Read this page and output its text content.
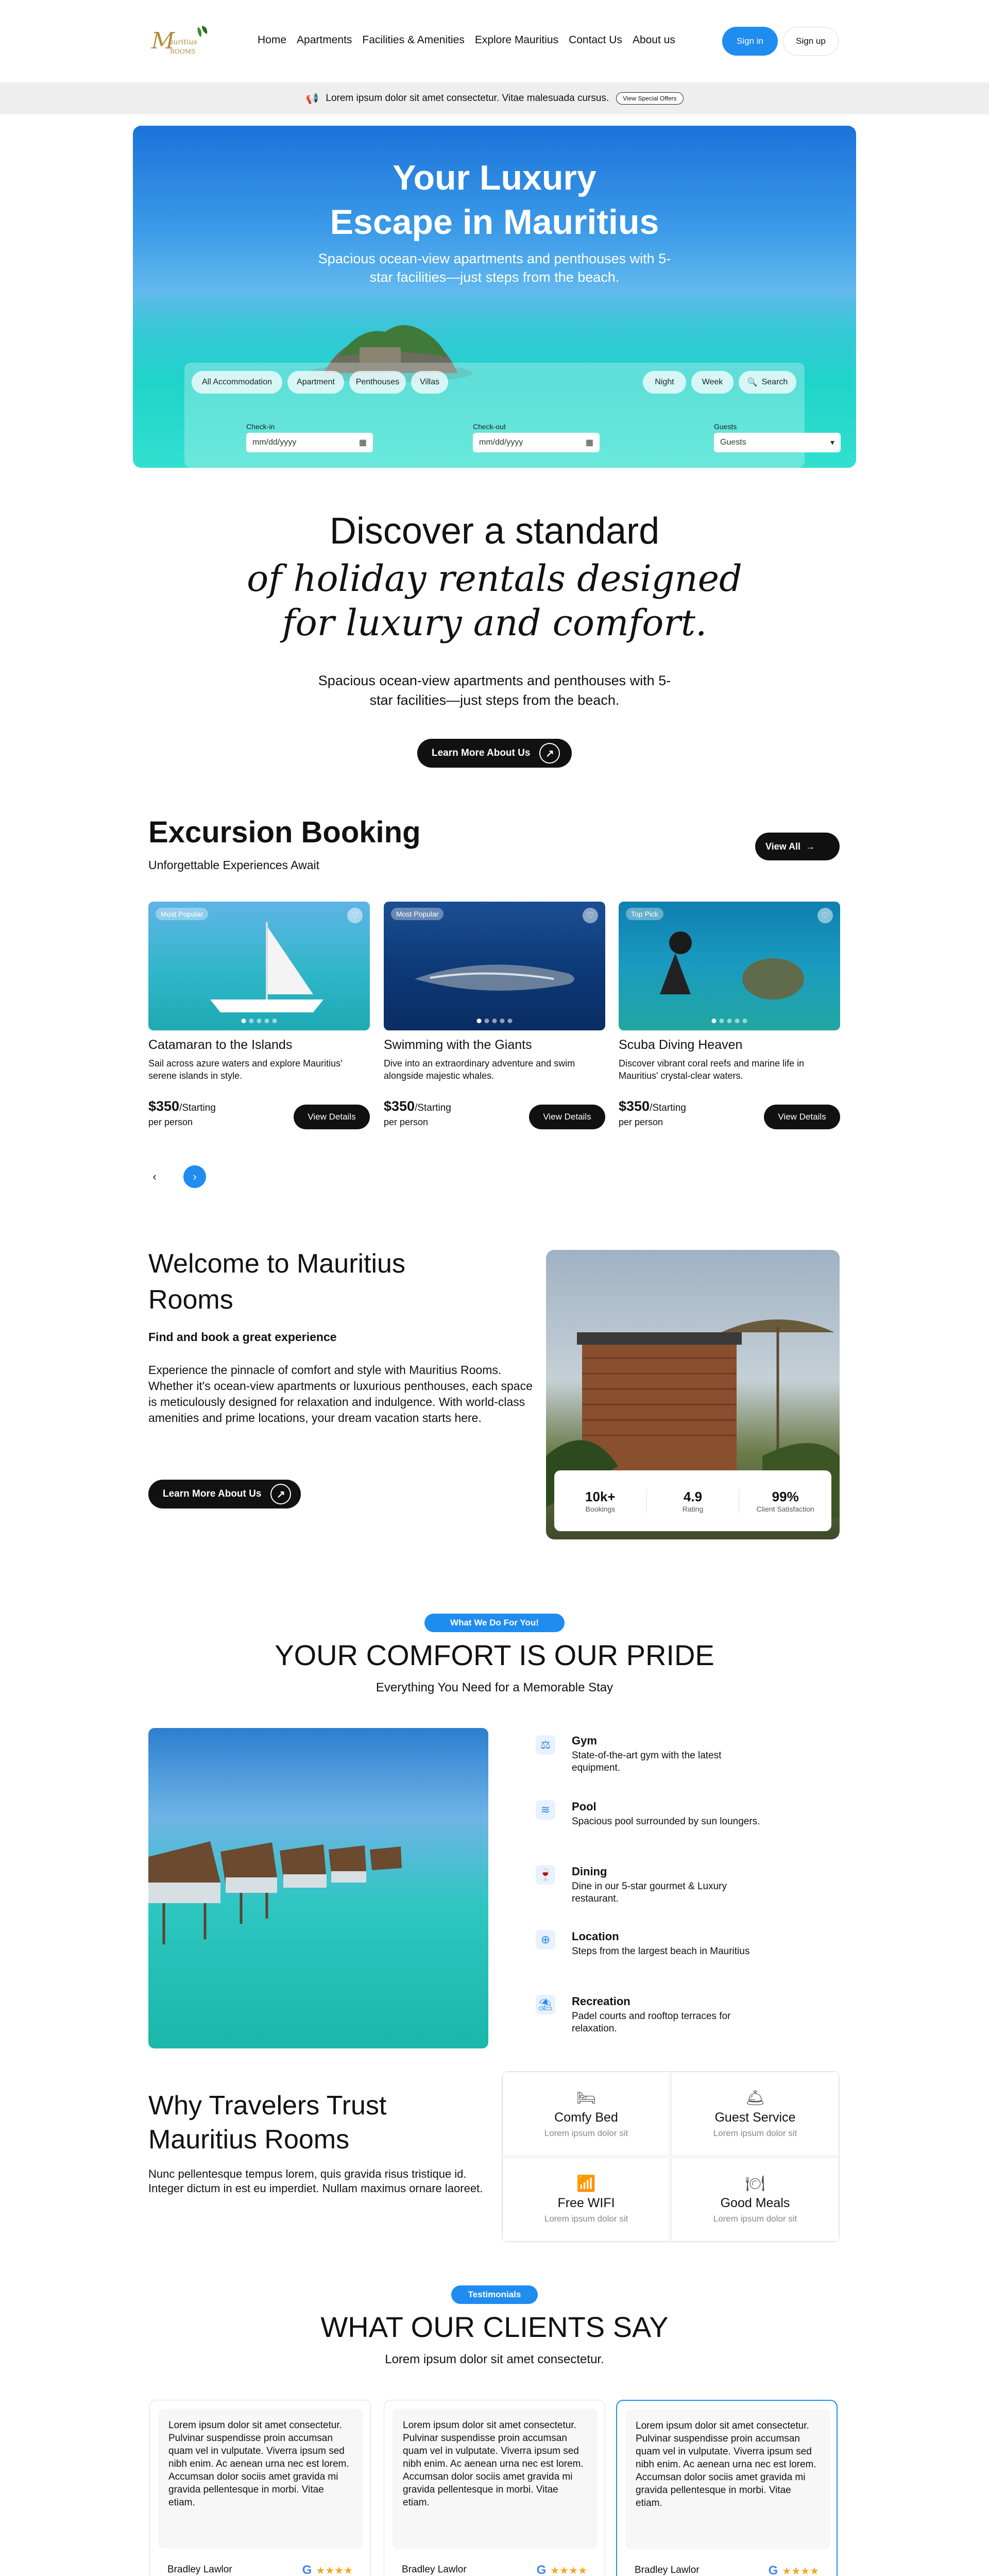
M
auritius
ROOMS
Home Apartments Facilities & Amenities Explore Mauritius Contact Us About us	Sign in	Sign up
📢 Lorem ipsum dolor sit amet consectetur. Vitae malesuada cursus.	View Special Offers
Your Luxury
Escape in Mauritius
Spacious ocean-view apartments and penthouses with 5-
star facilities—just steps from the beach.
All Accommodation	Apartment	Penthouses	Villas	Night	Week	🔍 Search
Check-in
mm/dd/yyyy	▦
Check-out
mm/dd/yyyy	▦
Guests
Guests	▾
Discover a standard
of holiday rentals designed
for luxury and comfort.
Spacious ocean-view apartments and penthouses with 5-
star facilities—just steps from the beach.
Learn More About Us	↗
Excursion Booking
Unforgettable Experiences Await
View All →
Most Popular	♡
Catamaran to the Islands
Sail across azure waters and explore Mauritius' serene islands in style.
$350/Starting
per person
View Details
Most Popular	♡
Swimming with the Giants
Dive into an extraordinary adventure and swim alongside majestic whales.
$350/Starting
per person
View Details
Top Pick	♡
Scuba Diving Heaven
Discover vibrant coral reefs and marine life in Mauritius' crystal-clear waters.
$350/Starting
per person
View Details
‹	›
Welcome to Mauritius
Rooms
Find and book a great experience
Experience the pinnacle of comfort and style with Mauritius Rooms. Whether it's ocean-view apartments or luxurious penthouses, each space is meticulously designed for relaxation and indulgence. With world-class amenities and prime locations, your dream vacation starts here.
Learn More About Us	↗	10k+
Bookings
4.9
Rating
99%
Client Satisfaction
What We Do For You!
YOUR COMFORT IS OUR PRIDE
Everything You Need for a Memorable Stay
⚖	Gym
State-of-the-art gym with the latest equipment.
≋	Pool
Spacious pool surrounded by sun loungers.
🍷 Dining
Dine in our 5-star gourmet & Luxury restaurant.
⊕	Location
Steps from the largest beach in Mauritius
⛱ Recreation
Padel courts and rooftop terraces for relaxation.
Why Travelers Trust
Mauritius Rooms
Nunc pellentesque tempus lorem, quis gravida risus tristique id. Integer dictum in est eu imperdiet. Nullam maximus ornare laoreet.
🛏
Comfy Bed
Lorem ipsum dolor sit
🛎
Guest Service
Lorem ipsum dolor sit
📶
Free WIFI
Lorem ipsum dolor sit
🍽
Good Meals
Lorem ipsum dolor sit
Testimonials
WHAT OUR CLIENTS SAY
Lorem ipsum dolor sit amet consectetur.
Lorem ipsum dolor sit amet consectetur. Pulvinar suspendisse proin accumsan quam vel in vulputate. Viverra ipsum sed nibh enim. Ac aenean urna nec est lorem. Accumsan dolor sociis amet gravida mi gravida pellentesque in morbi. Vitae etiam.
Bradley Lawlor	G ★★★★
Lorem ipsum dolor sit amet consectetur. Pulvinar suspendisse proin accumsan quam vel in vulputate. Viverra ipsum sed nibh enim. Ac aenean urna nec est lorem. Accumsan dolor sociis amet gravida mi gravida pellentesque in morbi. Vitae etiam.
Bradley Lawlor	G ★★★★
Lorem ipsum dolor sit amet consectetur. Pulvinar suspendisse proin accumsan quam vel in vulputate. Viverra ipsum sed nibh enim. Ac aenean urna nec est lorem. Accumsan dolor sociis amet gravida mi gravida pellentesque in morbi. Vitae etiam.
Bradley Lawlor	G ★★★★
